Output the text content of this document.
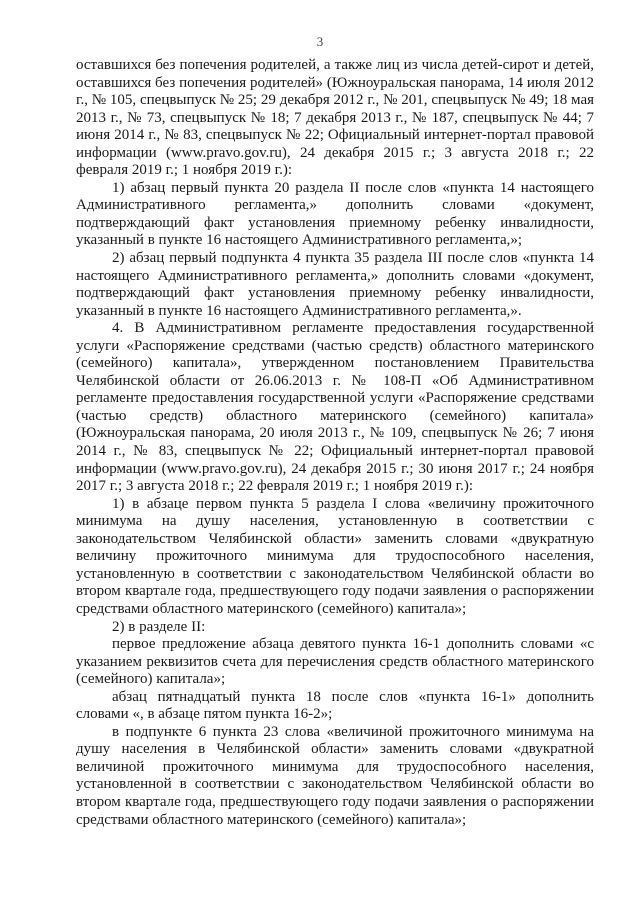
3

оставшихся без попечения родителей, а также лиц из числа детей-сирот и детей, оставшихся без попечения родителей» (Южноуральская панорама, 14 июля 2012 г., № 105, спецвыпуск № 25; 29 декабря 2012 г., № 201, спецвыпуск № 49; 18 мая 2013 г., № 73, спецвыпуск № 18; 7 декабря 2013 г., № 187, спецвыпуск № 44; 7 июня 2014 г., № 83, спецвыпуск № 22; Официальный интернет-портал правовой информации (www.pravo.gov.ru), 24 декабря 2015 г.; 3 августа 2018 г.; 22 февраля 2019 г.; 1 ноября 2019 г.):

1) абзац первый пункта 20 раздела II после слов «пункта 14 настоящего Административного регламента,» дополнить словами «документ, подтверждающий факт установления приемному ребенку инвалидности, указанный в пункте 16 настоящего Административного регламента,»;

2) абзац первый подпункта 4 пункта 35 раздела III после слов «пункта 14 настоящего Административного регламента,» дополнить словами «документ, подтверждающий факт установления приемному ребенку инвалидности, указанный в пункте 16 настоящего Административного регламента,».

4. В Административном регламенте предоставления государственной услуги «Распоряжение средствами (частью средств) областного материнского (семейного) капитала», утвержденном постановлением Правительства Челябинской области от 26.06.2013 г. № 108-П «Об Административном регламенте предоставления государственной услуги «Распоряжение средствами (частью средств) областного материнского (семейного) капитала» (Южноуральская панорама, 20 июля 2013 г., № 109, спецвыпуск № 26; 7 июня 2014 г., № 83, спецвыпуск № 22; Официальный интернет-портал правовой информации (www.pravo.gov.ru), 24 декабря 2015 г.; 30 июня 2017 г.; 24 ноября 2017 г.; 3 августа 2018 г.; 22 февраля 2019 г.; 1 ноября 2019 г.):

1) в абзаце первом пункта 5 раздела I слова «величину прожиточного минимума на душу населения, установленную в соответствии с законодательством Челябинской области» заменить словами «двукратную величину прожиточного минимума для трудоспособного населения, установленную в соответствии с законодательством Челябинской области во втором квартале года, предшествующего году подачи заявления о распоряжении средствами областного материнского (семейного) капитала»;

2) в разделе II:

первое предложение абзаца девятого пункта 16-1 дополнить словами «с указанием реквизитов счета для перечисления средств областного материнского (семейного) капитала»;

абзац пятнадцатый пункта 18 после слов «пункта 16-1» дополнить словами «, в абзаце пятом пункта 16-2»;

в подпункте 6 пункта 23 слова «величиной прожиточного минимума на душу населения в Челябинской области» заменить словами «двукратной величиной прожиточного минимума для трудоспособного населения, установленной в соответствии с законодательством Челябинской области во втором квартале года, предшествующего году подачи заявления о распоряжении средствами областного материнского (семейного) капитала»;
